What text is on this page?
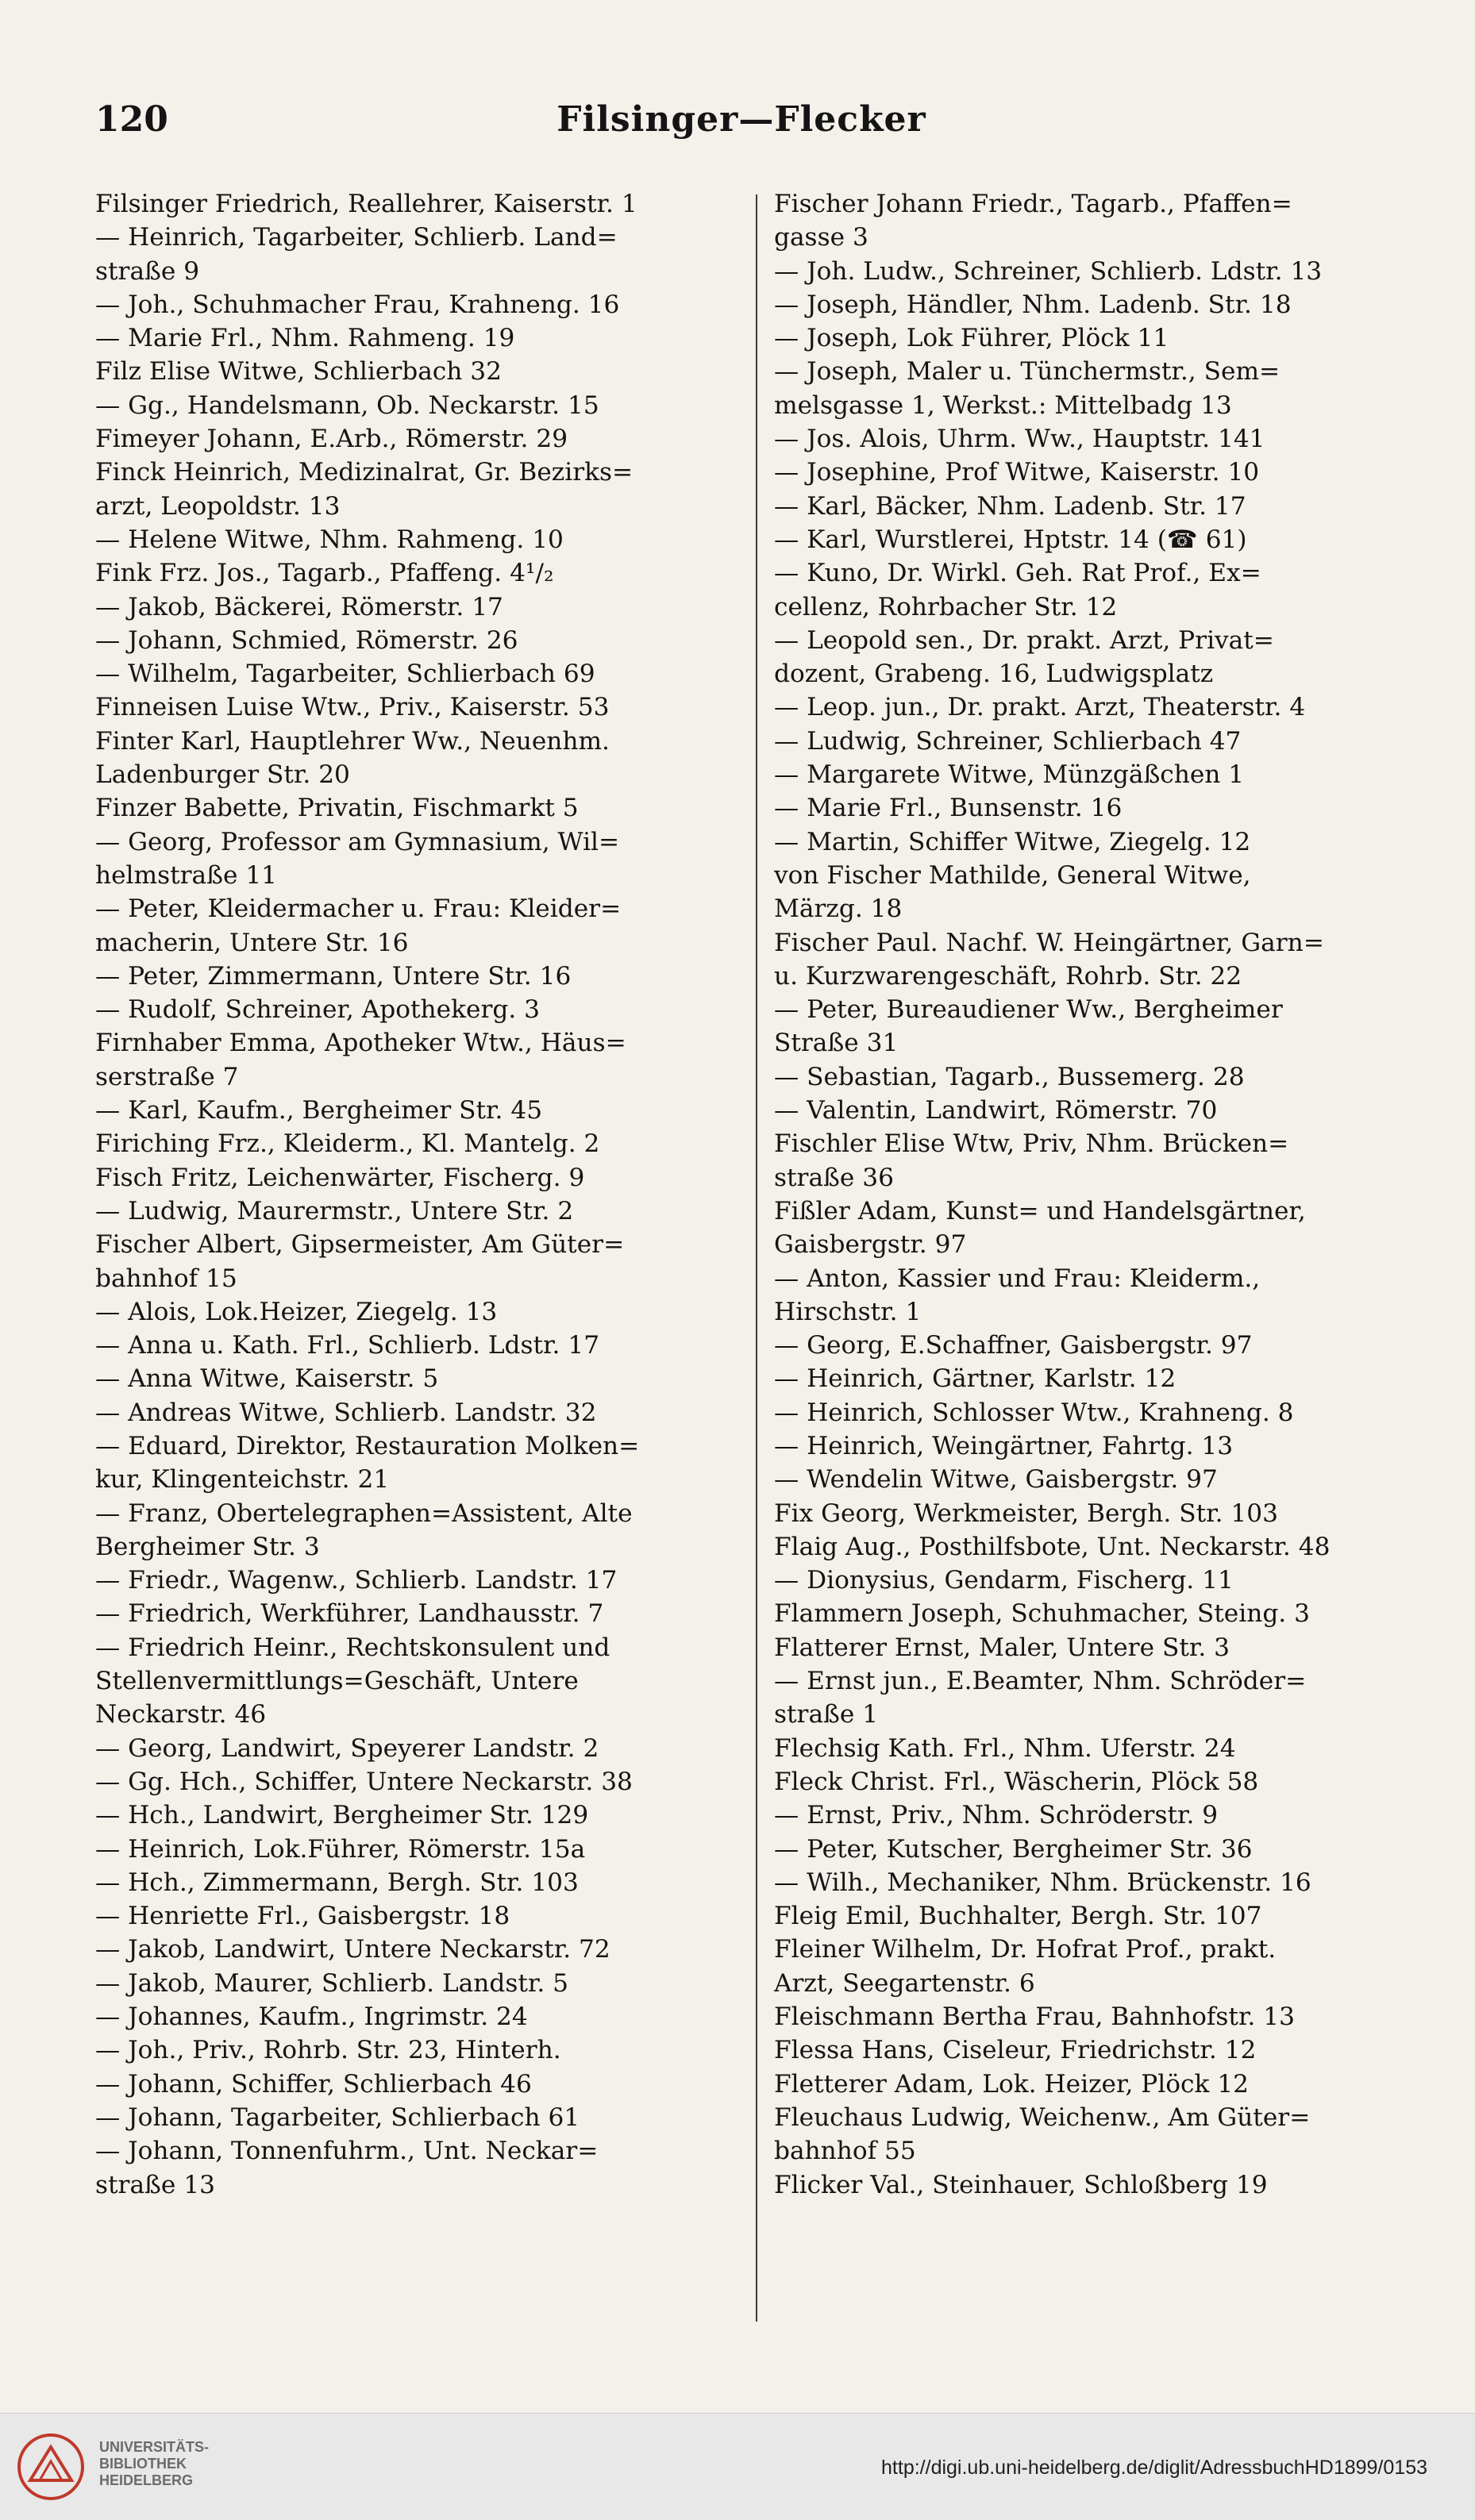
120	Filsinger—Flecker
Filsinger Friedrich, Reallehrer, Kaiserstr. 1
— Heinrich, Tagarbeiter, Schlierb. Land=
straße 9
— Joh., Schuhmacher Frau, Krahneng. 16
— Marie Frl., Nhm. Rahmeng. 19
Filz Elise Witwe, Schlierbach 32
— Gg., Handelsmann, Ob. Neckarstr. 15
Fimeyer Johann, E.Arb., Römerstr. 29
Finck Heinrich, Medizinalrat, Gr. Bezirks=
arzt, Leopoldstr. 13
— Helene Witwe, Nhm. Rahmeng. 10
Fink Frz. Jos., Tagarb., Pfaffeng. 4¹/₂
— Jakob, Bäckerei, Römerstr. 17
— Johann, Schmied, Römerstr. 26
— Wilhelm, Tagarbeiter, Schlierbach 69
Finneisen Luise Wtw., Priv., Kaiserstr. 53
Finter Karl, Hauptlehrer Ww., Neuenhm.
Ladenburger Str. 20
Finzer Babette, Privatin, Fischmarkt 5
— Georg, Professor am Gymnasium, Wil=
helmstraße 11
— Peter, Kleidermacher u. Frau: Kleider=
macherin, Untere Str. 16
— Peter, Zimmermann, Untere Str. 16
— Rudolf, Schreiner, Apothekerg. 3
Firnhaber Emma, Apotheker Wtw., Häus=
serstraße 7
— Karl, Kaufm., Bergheimer Str. 45
Firiching Frz., Kleiderm., Kl. Mantelg. 2
Fisch Fritz, Leichenwärter, Fischerg. 9
— Ludwig, Maurermstr., Untere Str. 2
Fischer Albert, Gipsermeister, Am Güter=
bahnhof 15
— Alois, Lok.Heizer, Ziegelg. 13
— Anna u. Kath. Frl., Schlierb. Ldstr. 17
— Anna Witwe, Kaiserstr. 5
— Andreas Witwe, Schlierb. Landstr. 32
— Eduard, Direktor, Restauration Molken=
kur, Klingenteichstr. 21
— Franz, Obertelegraphen=Assistent, Alte
Bergheimer Str. 3
— Friedr., Wagenw., Schlierb. Landstr. 17
— Friedrich, Werkführer, Landhausstr. 7
— Friedrich Heinr., Rechtskonsulent und
Stellenvermittlungs=Geschäft, Untere
Neckarstr. 46
— Georg, Landwirt, Speyerer Landstr. 2
— Gg. Hch., Schiffer, Untere Neckarstr. 38
— Hch., Landwirt, Bergheimer Str. 129
— Heinrich, Lok.Führer, Römerstr. 15a
— Hch., Zimmermann, Bergh. Str. 103
— Henriette Frl., Gaisbergstr. 18
— Jakob, Landwirt, Untere Neckarstr. 72
— Jakob, Maurer, Schlierb. Landstr. 5
— Johannes, Kaufm., Ingrimstr. 24
— Joh., Priv., Rohrb. Str. 23, Hinterh.
— Johann, Schiffer, Schlierbach 46
— Johann, Tagarbeiter, Schlierbach 61
— Johann, Tonnenfuhrm., Unt. Neckar=
straße 13
Fischer Johann Friedr., Tagarb., Pfaffen=
gasse 3
— Joh. Ludw., Schreiner, Schlierb. Ldstr. 13
— Joseph, Händler, Nhm. Ladenb. Str. 18
— Joseph, Lok Führer, Plöck 11
— Joseph, Maler u. Tünchermstr., Sem=
melsgasse 1, Werkst.: Mittelbadg 13
— Jos. Alois, Uhrm. Ww., Hauptstr. 141
— Josephine, Prof Witwe, Kaiserstr. 10
— Karl, Bäcker, Nhm. Ladenb. Str. 17
— Karl, Wurstlerei, Hptstr. 14 (☎ 61)
— Kuno, Dr. Wirkl. Geh. Rat Prof., Ex=
cellenz, Rohrbacher Str. 12
— Leopold sen., Dr. prakt. Arzt, Privat=
dozent, Grabeng. 16, Ludwigsplatz
— Leop. jun., Dr. prakt. Arzt, Theaterstr. 4
— Ludwig, Schreiner, Schlierbach 47
— Margarete Witwe, Münzgäßchen 1
— Marie Frl., Bunsenstr. 16
— Martin, Schiffer Witwe, Ziegelg. 12
von Fischer Mathilde, General Witwe,
Märzg. 18
Fischer Paul. Nachf. W. Heingärtner, Garn=
u. Kurzwarengeschäft, Rohrb. Str. 22
— Peter, Bureaudiener Ww., Bergheimer
Straße 31
— Sebastian, Tagarb., Bussemerg. 28
— Valentin, Landwirt, Römerstr. 70
Fischler Elise Wtw, Priv, Nhm. Brücken=
straße 36
Fißler Adam, Kunst= und Handelsgärtner,
Gaisbergstr. 97
— Anton, Kassier und Frau: Kleiderm.,
Hirschstr. 1
— Georg, E.Schaffner, Gaisbergstr. 97
— Heinrich, Gärtner, Karlstr. 12
— Heinrich, Schlosser Wtw., Krahneng. 8
— Heinrich, Weingärtner, Fahrtg. 13
— Wendelin Witwe, Gaisbergstr. 97
Fix Georg, Werkmeister, Bergh. Str. 103
Flaig Aug., Posthilfsbote, Unt. Neckarstr. 48
— Dionysius, Gendarm, Fischerg. 11
Flammern Joseph, Schuhmacher, Steing. 3
Flatterer Ernst, Maler, Untere Str. 3
— Ernst jun., E.Beamter, Nhm. Schröder=
straße 1
Flechsig Kath. Frl., Nhm. Uferstr. 24
Fleck Christ. Frl., Wäscherin, Plöck 58
— Ernst, Priv., Nhm. Schröderstr. 9
— Peter, Kutscher, Bergheimer Str. 36
— Wilh., Mechaniker, Nhm. Brückenstr. 16
Fleig Emil, Buchhalter, Bergh. Str. 107
Fleiner Wilhelm, Dr. Hofrat Prof., prakt.
Arzt, Seegartenstr. 6
Fleischmann Bertha Frau, Bahnhofstr. 13
Flessa Hans, Ciseleur, Friedrichstr. 12
Fletterer Adam, Lok. Heizer, Plöck 12
Fleuchaus Ludwig, Weichenw., Am Güter=
bahnhof 55
Flicker Val., Steinhauer, Schloßberg 19
UNIVERSITÄTS-
BIBLIOTHEK
HEIDELBERG
http://digi.ub.uni-heidelberg.de/diglit/AdressbuchHD1899/0153
